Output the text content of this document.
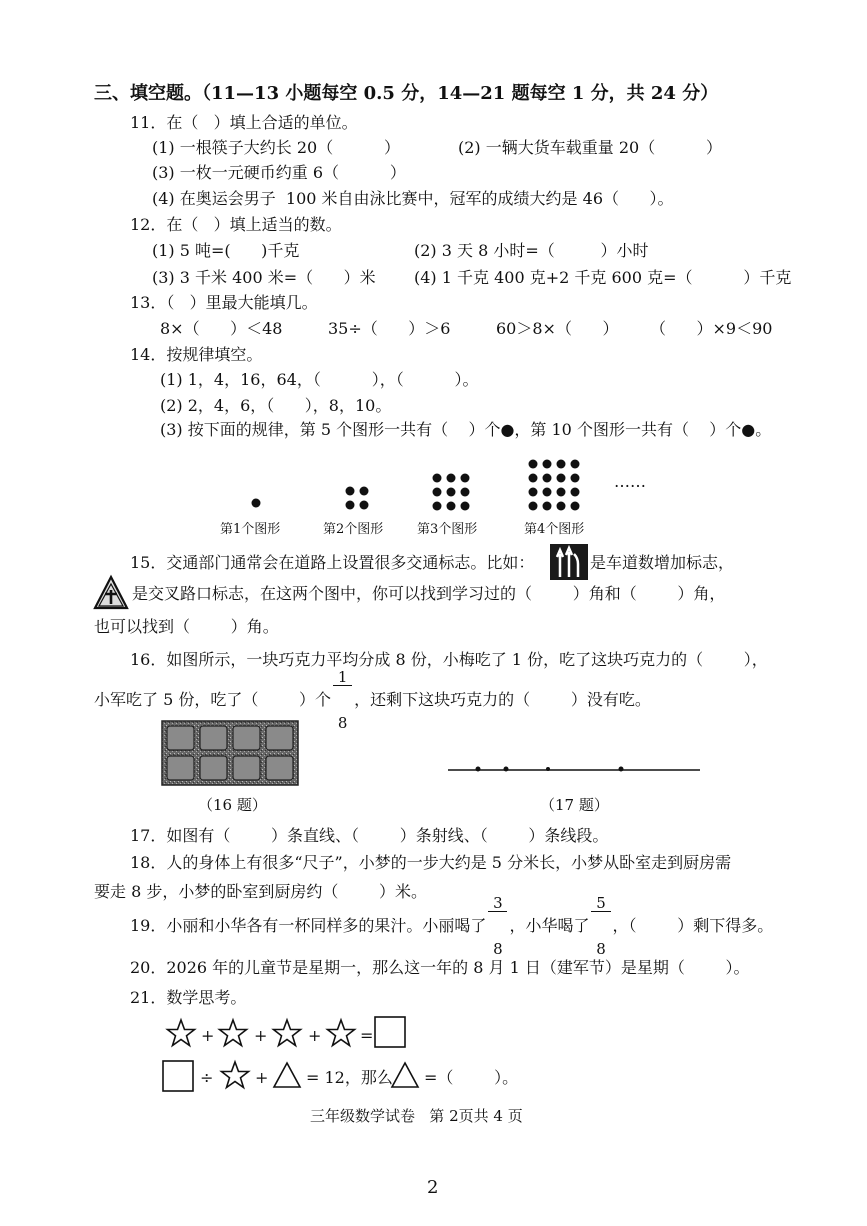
三、填空题。（11—13 小题每空 0.5 分，14—21 题每空 1 分，共 24 分）
11．在（   ）填上合适的单位。
(1) 一根筷子大约长 20（          ）	(2) 一辆大货车载重量 20（          ）
(3) 一枚一元硬币约重 6（          ）
(4) 在奥运会男子  100 米自由泳比赛中，冠军的成绩大约是 46（      ）。
12．在（   ）填上适当的数。
(1) 5 吨=(      )千克	(2) 3 天 8 小时=（         ）小时
(3) 3 千米 400 米=（      ）米 (4) 1 千克 400 克+2 千克 600 克=（          ）千克
13．（   ）里最大能填几。
8×（      ）＜48	35÷（      ）＞6	60＞8×（      ） （      ）×9＜90
14．按规律填空。
(1) 1，4，16，64，（          ），（          ）。
(2) 2，4，6，（      ），8，10。
(3) 按下面的规律，第 5 个图形一共有（    ）个●，第 10 个图形一共有（    ）个●。
……
第1个图形	第2个图形	第3个图形	第4个图形
15．交通部门通常会在道路上设置很多交通标志。比如：	是车道数增加标志，
是交叉路口标志，在这两个图中，你可以找到学习过的（        ）角和（        ）角，
也可以找到（        ）角。
16．如图所示，一块巧克力平均分成 8 份，小梅吃了 1 份，吃了这块巧克力的（        ），
小军吃了 5 份，吃了（        ）个

$\frac{1}{8}$

，还剩下这块巧克力的（        ）没有吃。
（16 题）	（17 题）
17．如图有（        ）条直线、（        ）条射线、（        ）条线段。
18．人的身体上有很多“尺子”，小梦的一步大约是 5 分米长，小梦从卧室走到厨房需
要走 8 步，小梦的卧室到厨房约（        ）米。
19．小丽和小华各有一杯同样多的果汁。小丽喝了

$\frac{3}{8}$

，小华喝了

$\frac{5}{8}$

，（        ）剩下得多。
20．2026 年的儿童节是星期一，那么这一年的 8 月 1 日（建军节）是星期（        ）。
21．数学思考。
+ +	+ =
÷	+ = 12，那么 =（        ）。
三年级数学试卷   第 2页共 4 页
2
